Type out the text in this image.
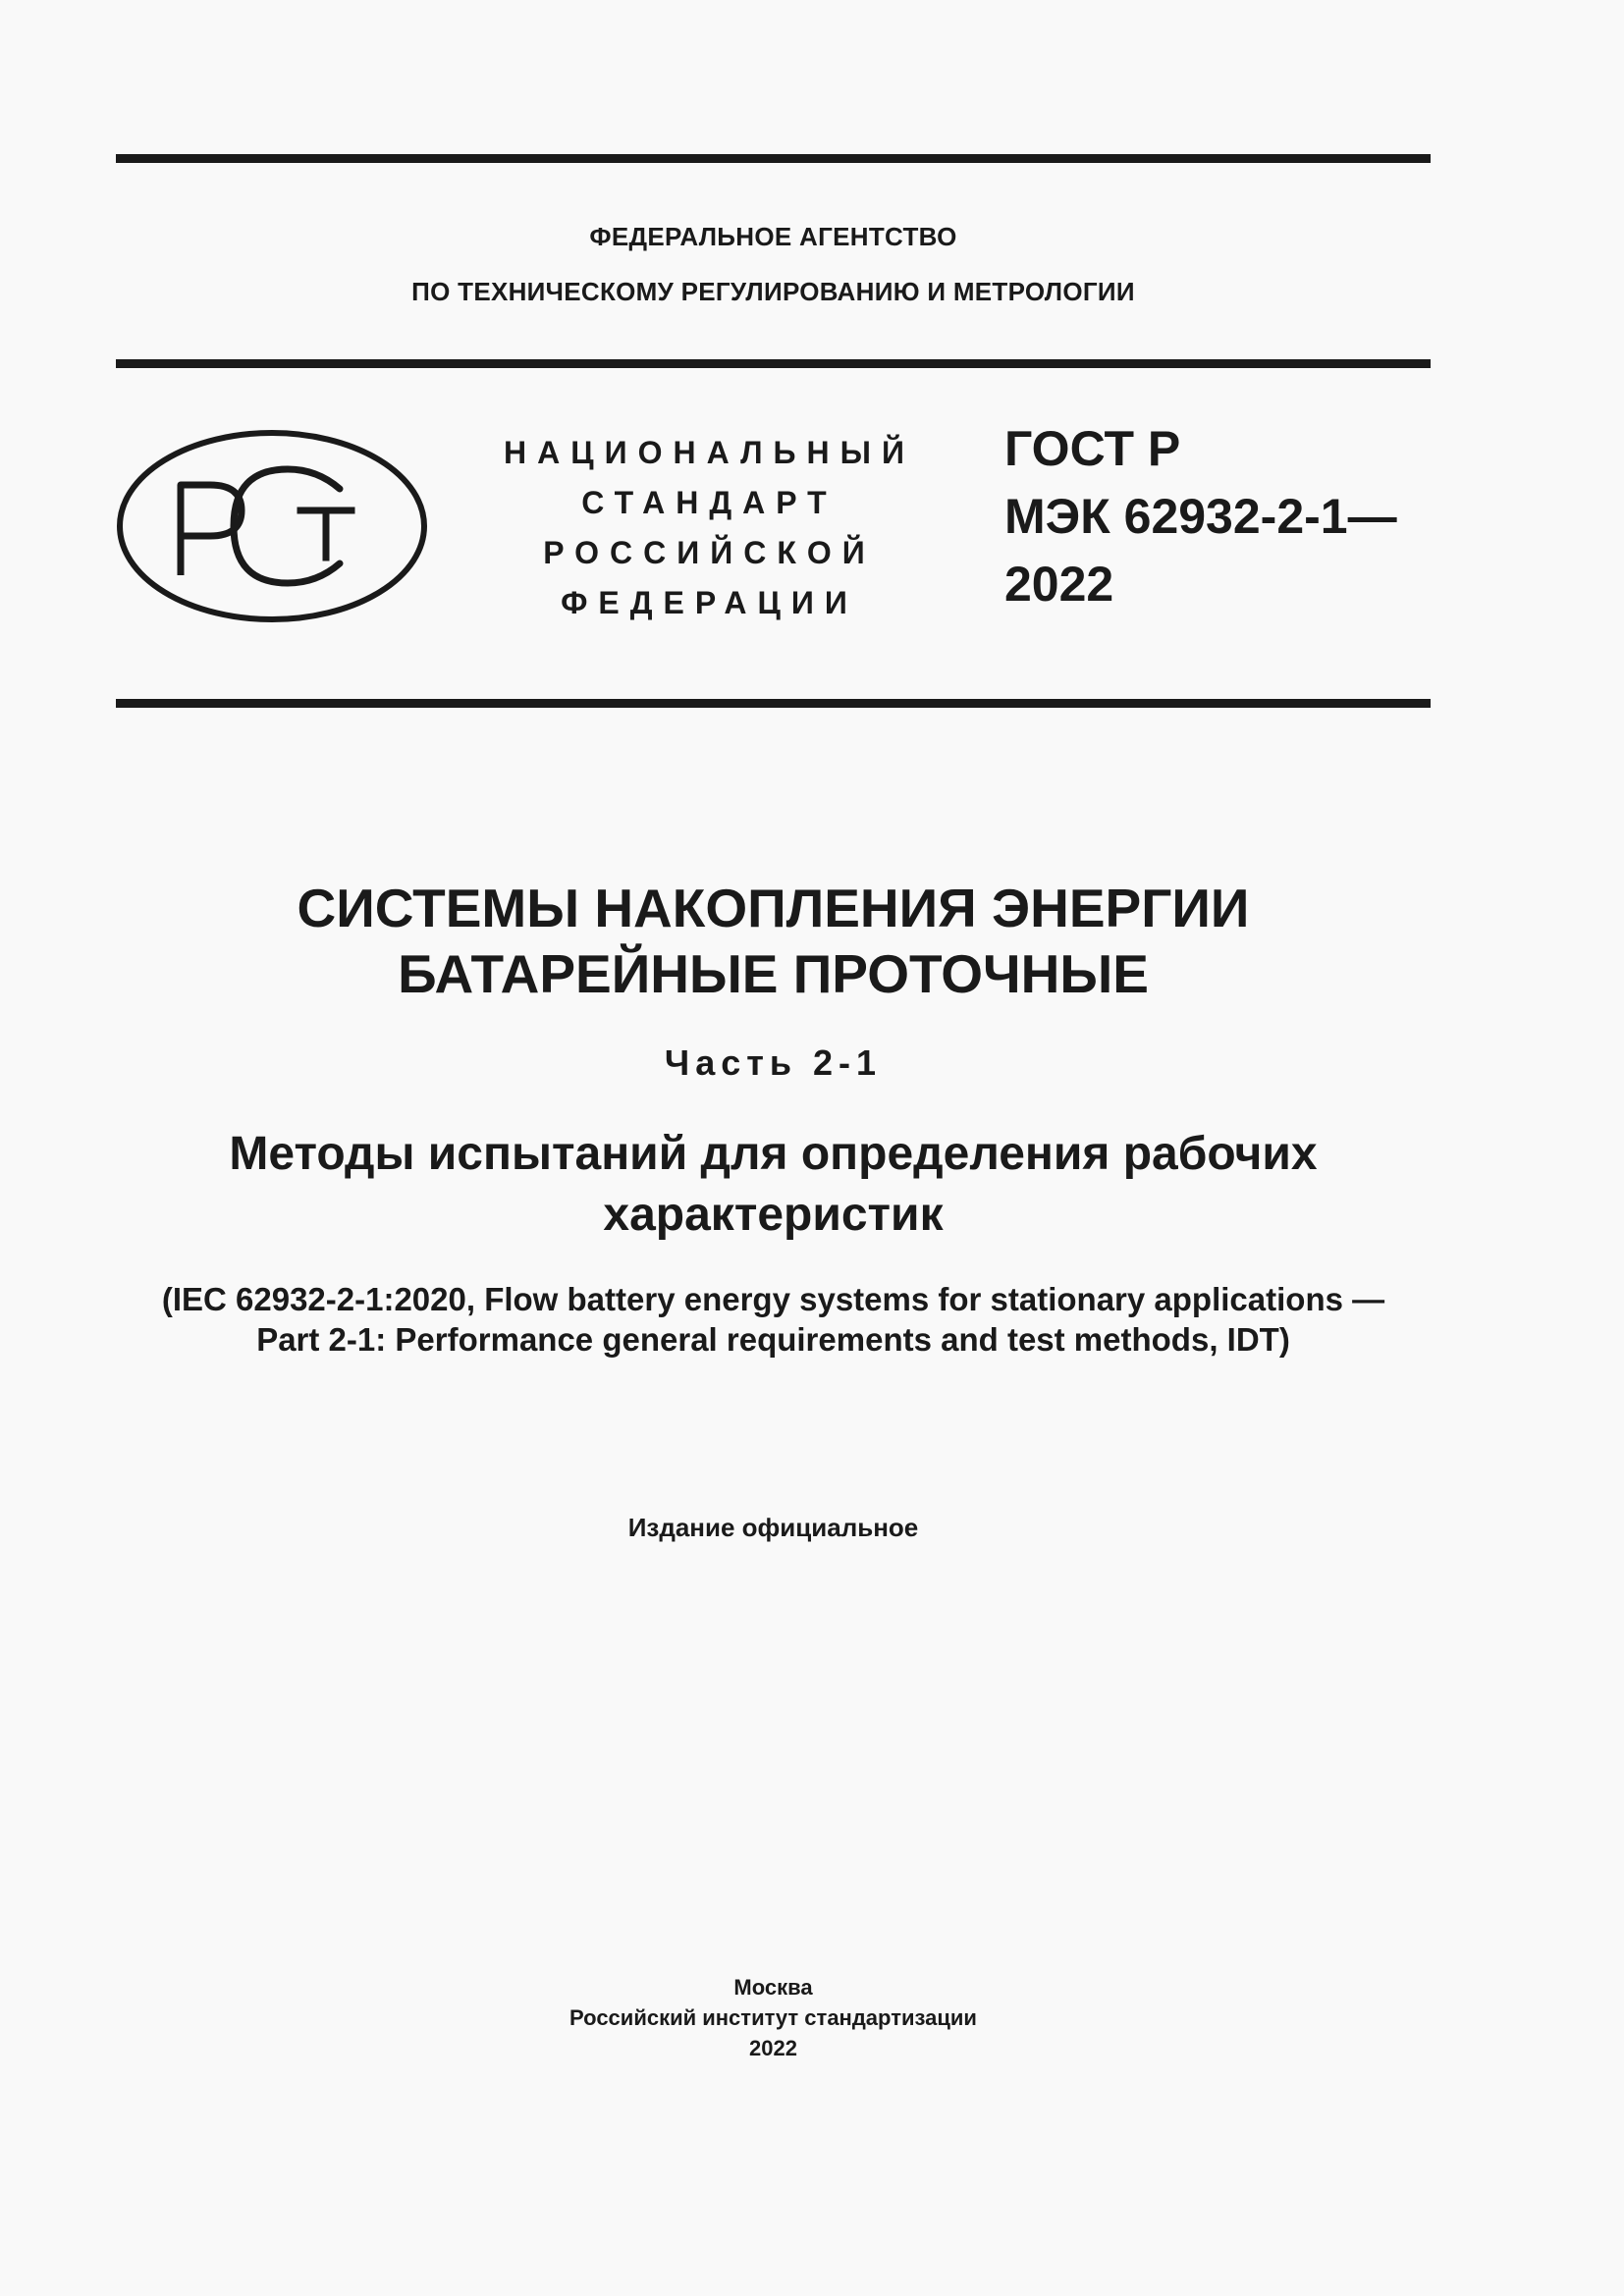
ФЕДЕРАЛЬНОЕ АГЕНТСТВО
ПО ТЕХНИЧЕСКОМУ РЕГУЛИРОВАНИЮ И МЕТРОЛОГИИ
НАЦИОНАЛЬНЫЙ
СТАНДАРТ
РОССИЙСКОЙ
ФЕДЕРАЦИИ
ГОСТ Р
МЭК 62932-2-1—
2022
СИСТЕМЫ НАКОПЛЕНИЯ ЭНЕРГИИ
БАТАРЕЙНЫЕ ПРОТОЧНЫЕ
Часть 2-1
Методы испытаний для определения рабочих
характеристик
(IEC 62932-2-1:2020, Flow battery energy systems for stationary applications —
Part 2-1: Performance general requirements and test methods, IDT)
Издание официальное
Москва
Российский институт стандартизации
2022
